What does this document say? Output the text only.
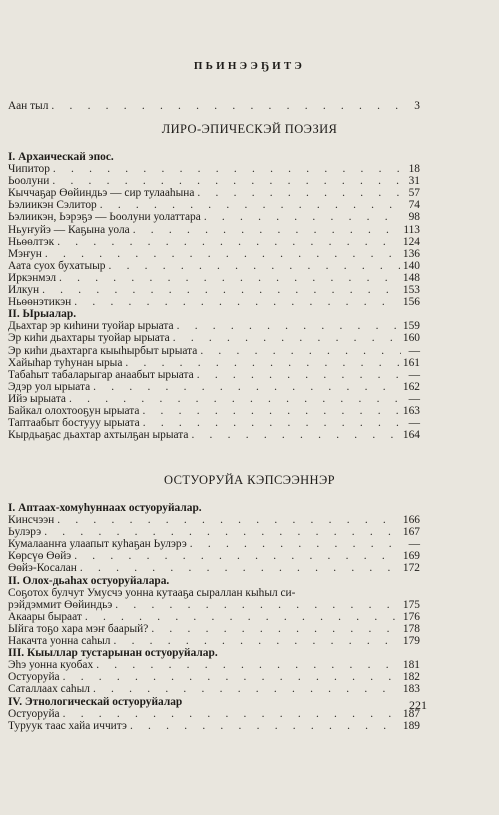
ПЬИНЭЭҔИТЭ
Аан тыл . . .	3
ЛИРО-ЭПИЧЕСКЭЙ ПОЭЗИЯ
I. Архаическай эпос.
Чипитор . . .	18
Ьоолуни . . .	31
Кыччаҕар Өөйиндьэ — сир тулааһына . . .	57
Ьэлиикэн Сэлитор . . .	74
Ьэлиикэн, Ьэрэҕэ — Ьоолуни уолаттара . . .	98
Ньуҥуйэ — Каҕына уола . . .	113
Ньөөлтэк . . .	124
Мэҥун . . .	136
Аата суох бухатыыр . . .	140
Иркэнмэл . . .	148
Илкун . . .	153
Ньөөнэтикэн . . .	156
II. Ырыалар.
Дьахтар эр киһини туойар ырыата . . .	159
Эр киһи дьахтары туойар ырыата . . .	160
Эр киһи дьахтарга кыыһырбыт ырыата . . .	—
Хайыһар туһунан ырыа . . .	161
Табаһыт табаларыгар анаабыт ырыата . . .	—
Эдэр уол ырыата . . .	162
Ийэ ырыата . . .	—
Байкал олохтооҕун ырыата . . .	163
Таптаабыт бостууу ырыата . . .	—
Кырдьаҕас дьахтар ахтылҕан ырыата . . .	164
ОСТУОРУЙА КЭПСЭЭННЭР
I. Аптаах-хомуһуннаах остуоруйалар.
Кинсчээн . . .	166
Ьулэрэ . . .	167
Кумалаанҥа улаапыт куһаҕан Ьулэрэ . . .	—
Көрсүө Өөйэ . . .	169
Өөйэ-Косалан . . .	172
II. Олох-дьаһах остуоруйалара.
Соҕотох булчут Умусчэ уонна кутааҕа сыраллан кыһыл си-
рэйдэммит Өөйиндьэ . . .	175
Акаары быраат . . .	176
Ыйга тоҕо хара мэҥ баарый? . . .	178
Накачта уонна саһыл . . .	179
III. Кыыллар тустарынан остуоруйалар.
Эһэ уонна куобах . . .	181
Остуоруйа . . .	182
Саталлаах саһыл . . .	183
IV. Этнологическай остуоруйалар
Остуоруйа . . .	187
Туруук таас хайа иччитэ . . .	189
221
